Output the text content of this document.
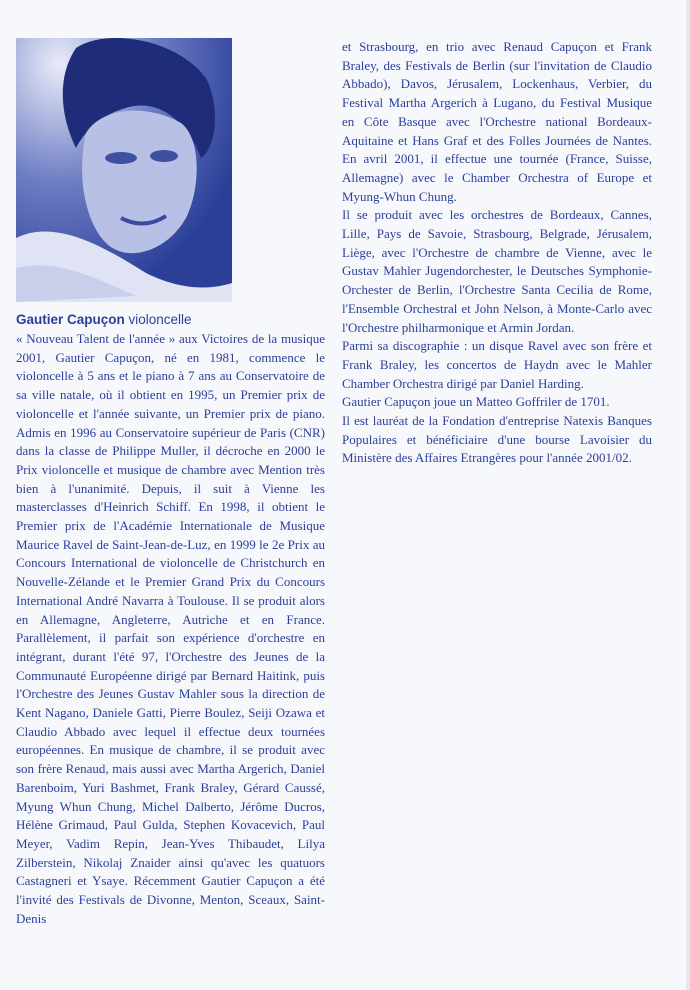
Gautier Capuçon violoncelle

« Nouveau Talent de l'année » aux Victoires de la musique 2001, Gautier Capuçon, né en 1981, commence le violoncelle à 5 ans et le piano à 7 ans au Conservatoire de sa ville natale, où il obtient en 1995, un Premier prix de violoncelle et l'année suivante, un Premier prix de piano. Admis en 1996 au Conservatoire supérieur de Paris (CNR) dans la classe de Philippe Muller, il décroche en 2000 le Prix violoncelle et musique de chambre avec Mention très bien à l'unanimité. Depuis, il suit à Vienne les masterclasses d'Heinrich Schiff. En 1998, il obtient le Premier prix de l'Académie Internationale de Musique Maurice Ravel de Saint-Jean-de-Luz, en 1999 le 2e Prix au Concours International de violoncelle de Christchurch en Nouvelle-Zélande et le Premier Grand Prix du Concours International André Navarra à Toulouse. Il se produit alors en Allemagne, Angleterre, Autriche et en France. Parallèlement, il parfait son expérience d'orchestre en intégrant, durant l'été 97, l'Orchestre des Jeunes de la Communauté Européenne dirigé par Bernard Haitink, puis l'Orchestre des Jeunes Gustav Mahler sous la direction de Kent Nagano, Daniele Gatti, Pierre Boulez, Seiji Ozawa et Claudio Abbado avec lequel il effectue deux tournées européennes. En musique de chambre, il se produit avec son frère Renaud, mais aussi avec Martha Argerich, Daniel Barenboim, Yuri Bashmet, Frank Braley, Gérard Caussé, Myung Whun Chung, Michel Dalberto, Jérôme Ducros, Hélène Grimaud, Paul Gulda, Stephen Kovacevich, Paul Meyer, Vadim Repin, Jean-Yves Thibaudet, Lilya Zilberstein, Nikolaj Znaider ainsi qu'avec les quatuors Castagneri et Ysaye. Récemment Gautier Capuçon a été l'invité des Festivals de Divonne, Menton, Sceaux, Saint-Denis

et Strasbourg, en trio avec Renaud Capuçon et Frank Braley, des Festivals de Berlin (sur l'invitation de Claudio Abbado), Davos, Jérusalem, Lockenhaus, Verbier, du Festival Martha Argerich à Lugano, du Festival Musique en Côte Basque avec l'Orchestre national Bordeaux-Aquitaine et Hans Graf et des Folles Journées de Nantes. En avril 2001, il effectue une tournée (France, Suisse, Allemagne) avec le Chamber Orchestra of Europe et Myung-Whun Chung.

Il se produit avec les orchestres de Bordeaux, Cannes, Lille, Pays de Savoie, Strasbourg, Belgrade, Jérusalem, Liège, avec l'Orchestre de chambre de Vienne, avec le Gustav Mahler Jugendorchester, le Deutsches Symphonie-Orchester de Berlin, l'Orchestre Santa Cecilia de Rome, l'Ensemble Orchestral et John Nelson, à Monte-Carlo avec l'Orchestre philharmonique et Armin Jordan.

Parmi sa discographie : un disque Ravel avec son frère et Frank Braley, les concertos de Haydn avec le Mahler Chamber Orchestra dirigé par Daniel Harding.

Gautier Capuçon joue un Matteo Goffriler de 1701.

Il est lauréat de la Fondation d'entreprise Natexis Banques Populaires et bénéficiaire d'une bourse Lavoisier du Ministère des Affaires Etrangères pour l'année 2001/02.
